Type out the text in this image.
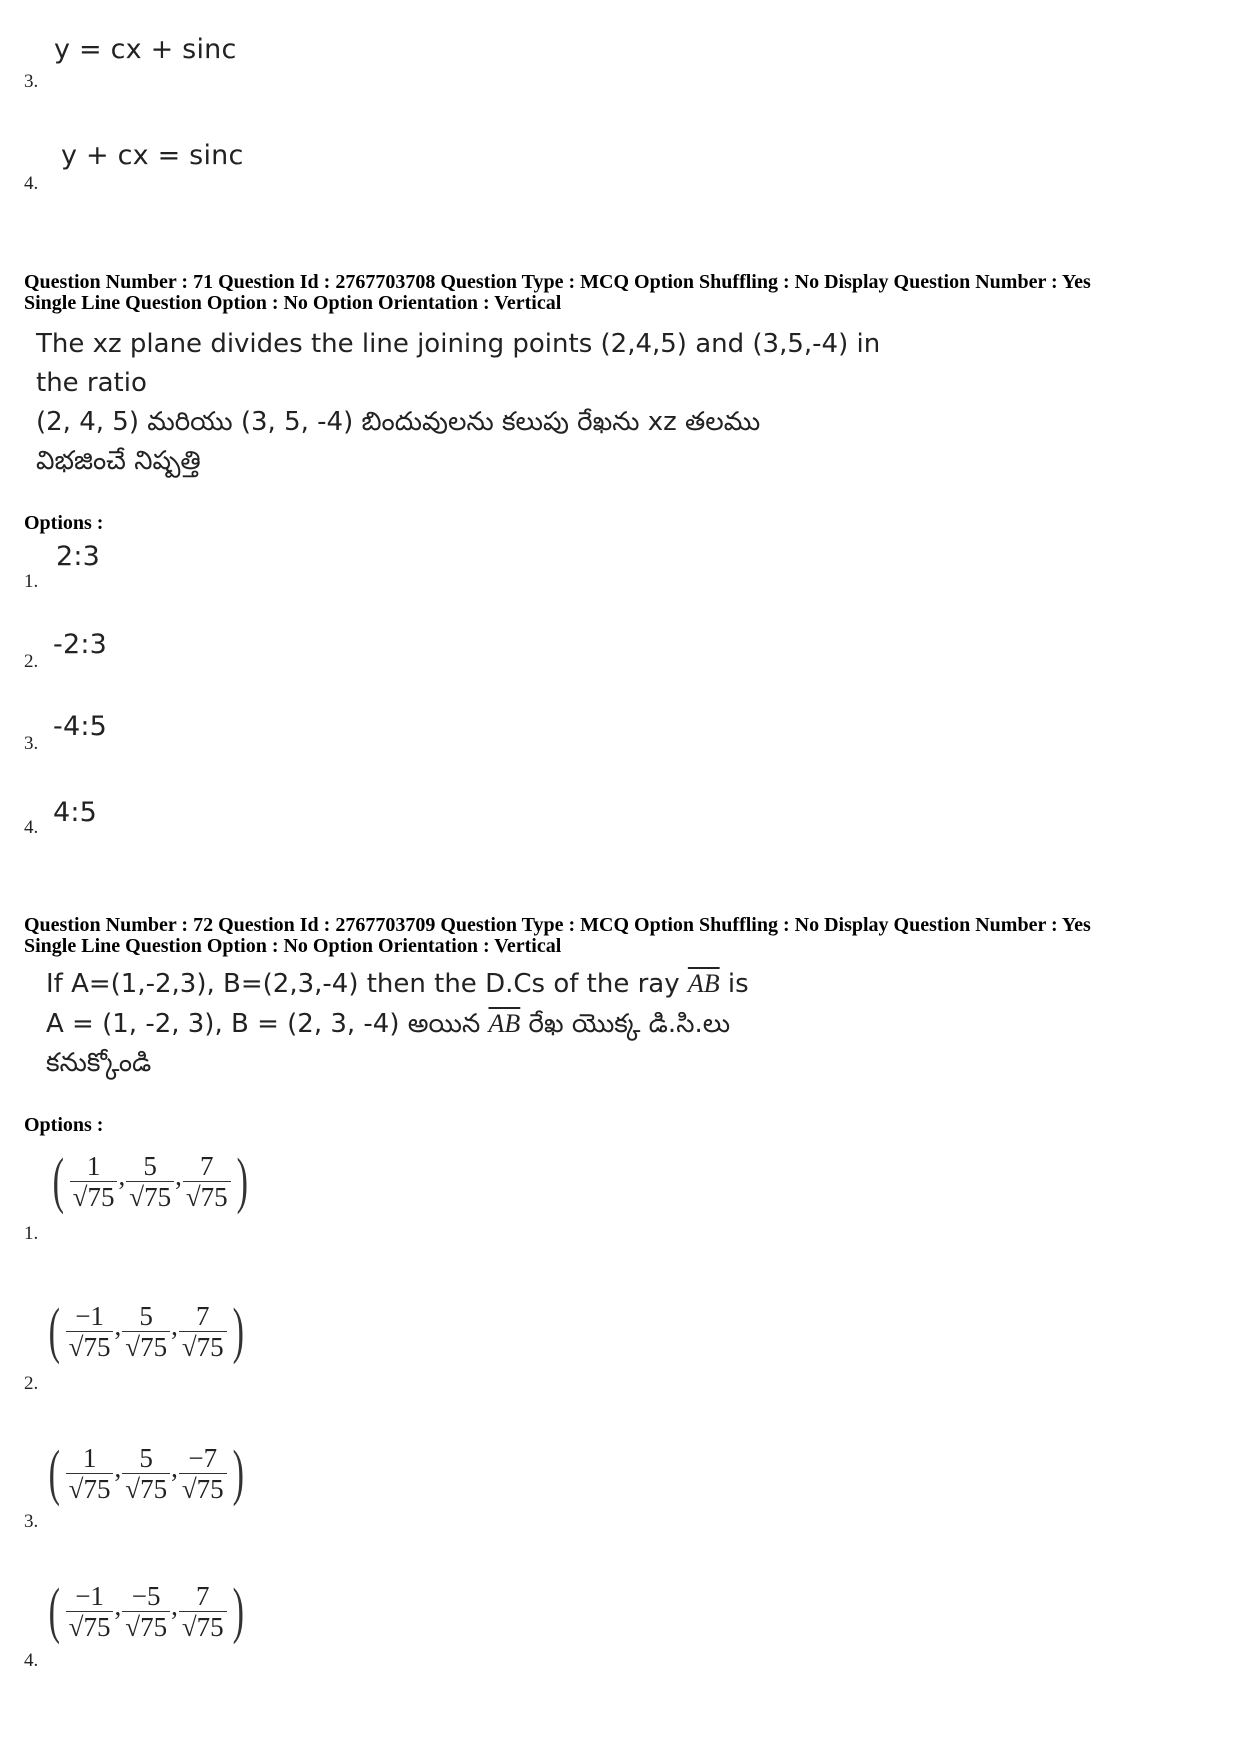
3.
y = cx + sinc
4.
y + cx = sinc
Question Number : 71 Question Id : 2767703708 Question Type : MCQ Option Shuffling : No Display Question Number : Yes
Single Line Question Option : No Option Orientation : Vertical
The xz plane divides the line joining points (2,4,5) and (3,5,-4) in
the ratio
(2, 4, 5) మరియు (3, 5, -4) బిందువులను కలుపు రేఖను xz తలము
విభజించే నిష్పత్తి
Options :
1.
2:3
2.
-2:3
3.
-4:5
4. 4:5
Question Number : 72 Question Id : 2767703709 Question Type : MCQ Option Shuffling : No Display Question Number : Yes
Single Line Question Option : No Option Orientation : Vertical
If A=(1,-2,3), B=(2,3,-4) then the D.Cs of the ray $\overline{AB}$ is
A = (1, -2, 3), B = (2, 3, -4) అయిన $\overline{AB}$ రేఖ యొక్క డి.సి.లు
కనుక్కోండి
Options :
1.
( $\frac{1}{√75}$ , $\frac{5}{√75}$ , $\frac{7}{√75}$ )
2.
( $\frac{-1}{√75}$ , $\frac{5}{√75}$ , $\frac{7}{√75}$ )
3.
( $\frac{1}{√75}$ , $\frac{5}{√75}$ , $\frac{-7}{√75}$ )
4.
( $\frac{-1}{√75}$ , $\frac{-5}{√75}$ , $\frac{7}{√75}$ )
